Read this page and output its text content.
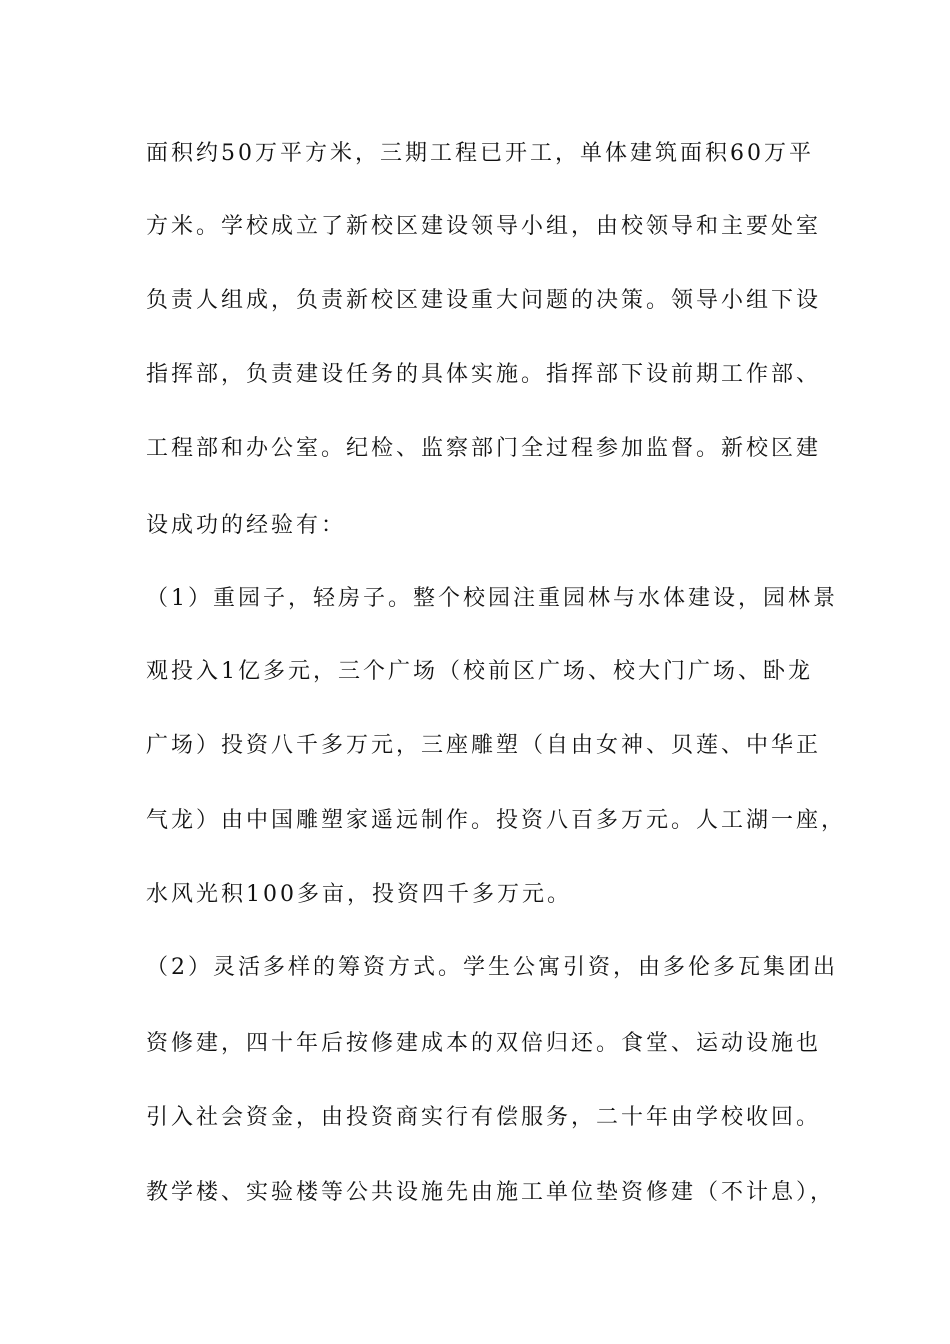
面积约50万平方米，三期工程已开工，单体建筑面积60万平
方米。学校成立了新校区建设领导小组，由校领导和主要处室
负责人组成，负责新校区建设重大问题的决策。领导小组下设
指挥部，负责建设任务的具体实施。指挥部下设前期工作部、
工程部和办公室。纪检、监察部门全过程参加监督。新校区建
设成功的经验有：
（1）重园子，轻房子。整个校园注重园林与水体建设，园林景
观投入1亿多元，三个广场（校前区广场、校大门广场、卧龙
广场）投资八千多万元，三座雕塑（自由女神、贝莲、中华正
气龙）由中国雕塑家遥远制作。投资八百多万元。人工湖一座，
水风光积100多亩，投资四千多万元。
（2）灵活多样的筹资方式。学生公寓引资，由多伦多瓦集团出
资修建，四十年后按修建成本的双倍归还。食堂、运动设施也
引入社会资金，由投资商实行有偿服务，二十年由学校收回。
教学楼、实验楼等公共设施先由施工单位垫资修建（不计息），
